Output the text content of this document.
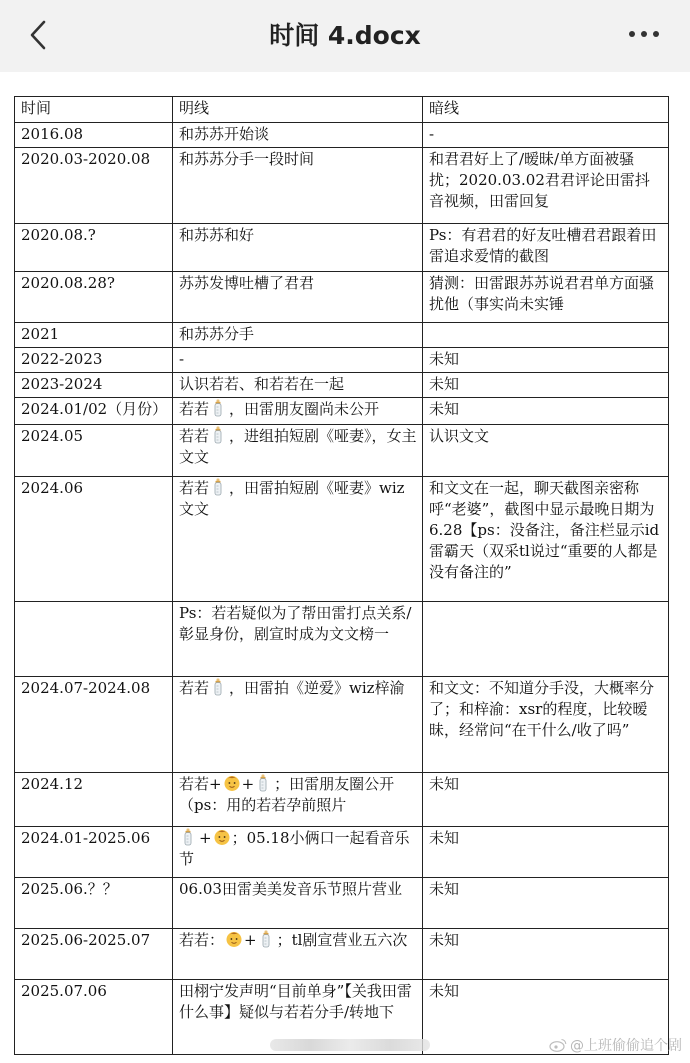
时间 4.docx
时间	明线	暗线
2016.08	和苏苏开始谈	-
2020.03-2020.08	和苏苏分手一段时间	和君君好上了/暧昧/单方面被骚扰；2020.03.02君君评论田雷抖音视频，田雷回复
2020.08.?	和苏苏和好	Ps：有君君的好友吐槽君君跟着田雷追求爱情的截图
2020.08.28?	苏苏发博吐槽了君君	猜测：田雷跟苏苏说君君单方面骚扰他（事实尚未实锤
2021	和苏苏分手	
2022-2023	-	未知
2023-2024	认识若若、和若若在一起	未知
2024.01/02（月份）	若若 ，田雷朋友圈尚未公开	未知
2024.05	若若 ，进组拍短剧《哑妻》，女主文文	认识文文
2024.06	若若 ，田雷拍短剧《哑妻》wiz文文	和文文在一起，聊天截图亲密称呼“老婆”，截图中显示最晚日期为6.28【ps：没备注，备注栏显示id雷霸天（双采tl说过“重要的人都是没有备注的”
	Ps：若若疑似为了帮田雷打点关系/彰显身份，剧宣时成为文文榜一	
2024.07-2024.08	若若 ，田雷拍《逆爱》wiz梓渝	和文文：不知道分手没，大概率分了；和梓渝：xsr的程度，比较暧昧，经常问“在干什么/收了吗”
2024.12	若若+ + ；田雷朋友圈公开（ps：用的若若孕前照片	未知
2024.01-2025.06	+ ；05.18小俩口一起看音乐节	未知
2025.06.？？	06.03田雷美美发音乐节照片营业	未知
2025.06-2025.07	若若： + ；tl剧宣营业五六次	未知
2025.07.06	田栩宁发声明“目前单身”【关我田雷什么事】疑似与若若分手/转地下	未知
@上班偷偷追个剧
